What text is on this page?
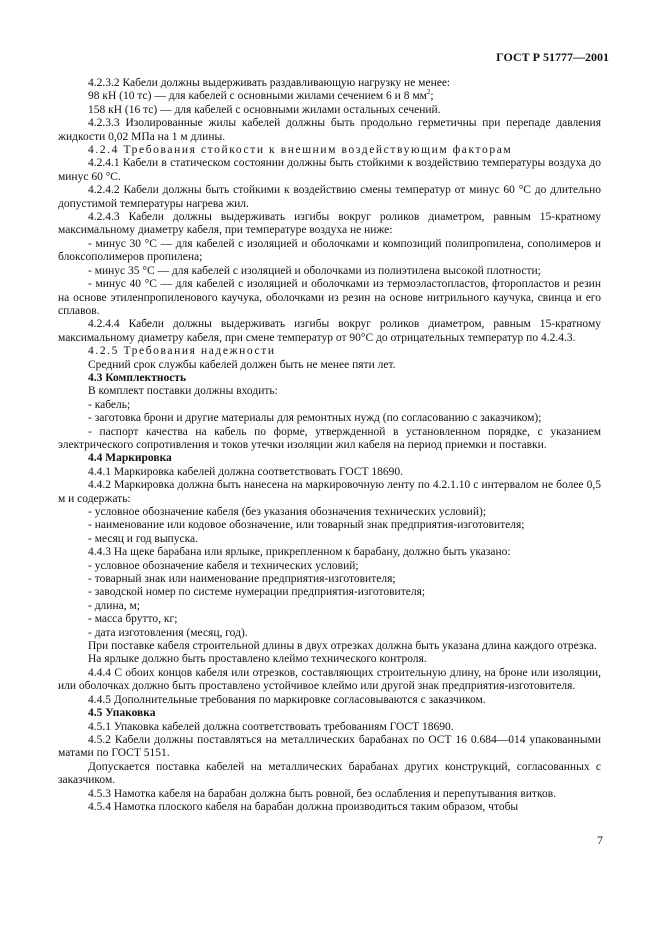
ГОСТ Р 51777—2001

4.2.3.2 Кабели должны выдерживать раздавливающую нагрузку не менее:

98 кН (10 тс) — для кабелей с основными жилами сечением 6 и 8 $мм^2$;

158 кН (16 тс) — для кабелей с основными жилами остальных сечений.

4.2.3.3 Изолированные жилы кабелей должны быть продольно герметичны при перепаде давления жидкости 0,02 МПа на 1 м длины.

4.2.4 Требования стойкости к внешним воздействующим факторам

4.2.4.1 Кабели в статическом состоянии должны быть стойкими к воздействию температуры воздуха до минус 60 °С.

4.2.4.2 Кабели должны быть стойкими к воздействию смены температур от минус 60 °С до длительно допустимой температуры нагрева жил.

4.2.4.3 Кабели должны выдерживать изгибы вокруг роликов диаметром, равным 15-кратному максимальному диаметру кабеля, при температуре воздуха не ниже:

- минус 30 °С — для кабелей с изоляцией и оболочками и композиций полипропилена, сополимеров и блоксополимеров пропилена;

- минус 35 °С — для кабелей с изоляцией и оболочками из полиэтилена высокой плотности;

- минус 40 °С — для кабелей с изоляцией и оболочками из термоэластопластов, фторопластов и резин на основе этиленпропиленового каучука, оболочками из резин на основе нитрильного каучука, свинца и его сплавов.

4.2.4.4 Кабели должны выдерживать изгибы вокруг роликов диаметром, равным 15-кратному максимальному диаметру кабеля, при смене температур от 90°С до отрицательных температур по 4.2.4.3.

4.2.5 Требования надежности

Средний срок службы кабелей должен быть не менее пяти лет.

4.3 Комплектность

В комплект поставки должны входить:

- кабель;

- заготовка брони и другие материалы для ремонтных нужд (по согласованию с заказчиком);

- паспорт качества на кабель по форме, утвержденной в установленном порядке, с указанием электрического сопротивления и токов утечки изоляции жил кабеля на период приемки и поставки.

4.4 Маркировка

4.4.1 Маркировка кабелей должна соответствовать ГОСТ 18690.

4.4.2 Маркировка должна быть нанесена на маркировочную ленту по 4.2.1.10 с интервалом не более 0,5 м и содержать:

- условное обозначение кабеля (без указания обозначения технических условий);

- наименование или кодовое обозначение, или товарный знак предприятия-изготовителя;

- месяц и год выпуска.

4.4.3 На щеке барабана или ярлыке, прикрепленном к барабану, должно быть указано:

- условное обозначение кабеля и технических условий;

- товарный знак или наименование предприятия-изготовителя;

- заводской номер по системе нумерации предприятия-изготовителя;

- длина, м;

- масса брутто, кг;

- дата изготовления (месяц, год).

При поставке кабеля строительной длины в двух отрезках должна быть указана длина каждого отрезка.

На ярлыке должно быть проставлено клеймо технического контроля.

4.4.4 С обоих концов кабеля или отрезков, составляющих строительную длину, на броне или изоляции, или оболочках должно быть проставлено устойчивое клеймо или другой знак предприятия-изготовителя.

4.4.5 Дополнительные требования по маркировке согласовываются с заказчиком.

4.5 Упаковка

4.5.1 Упаковка кабелей должна соответствовать требованиям ГОСТ 18690.

4.5.2 Кабели должны поставляться на металлических барабанах по ОСТ 16 0.684—014 упакованными матами по ГОСТ 5151.

Допускается поставка кабелей на металлических барабанах других конструкций, согласованных с заказчиком.

4.5.3 Намотка кабеля на барабан должна быть ровной, без ослабления и перепутывания витков.

4.5.4 Намотка плоского кабеля на барабан должна производиться таким образом, чтобы

7
